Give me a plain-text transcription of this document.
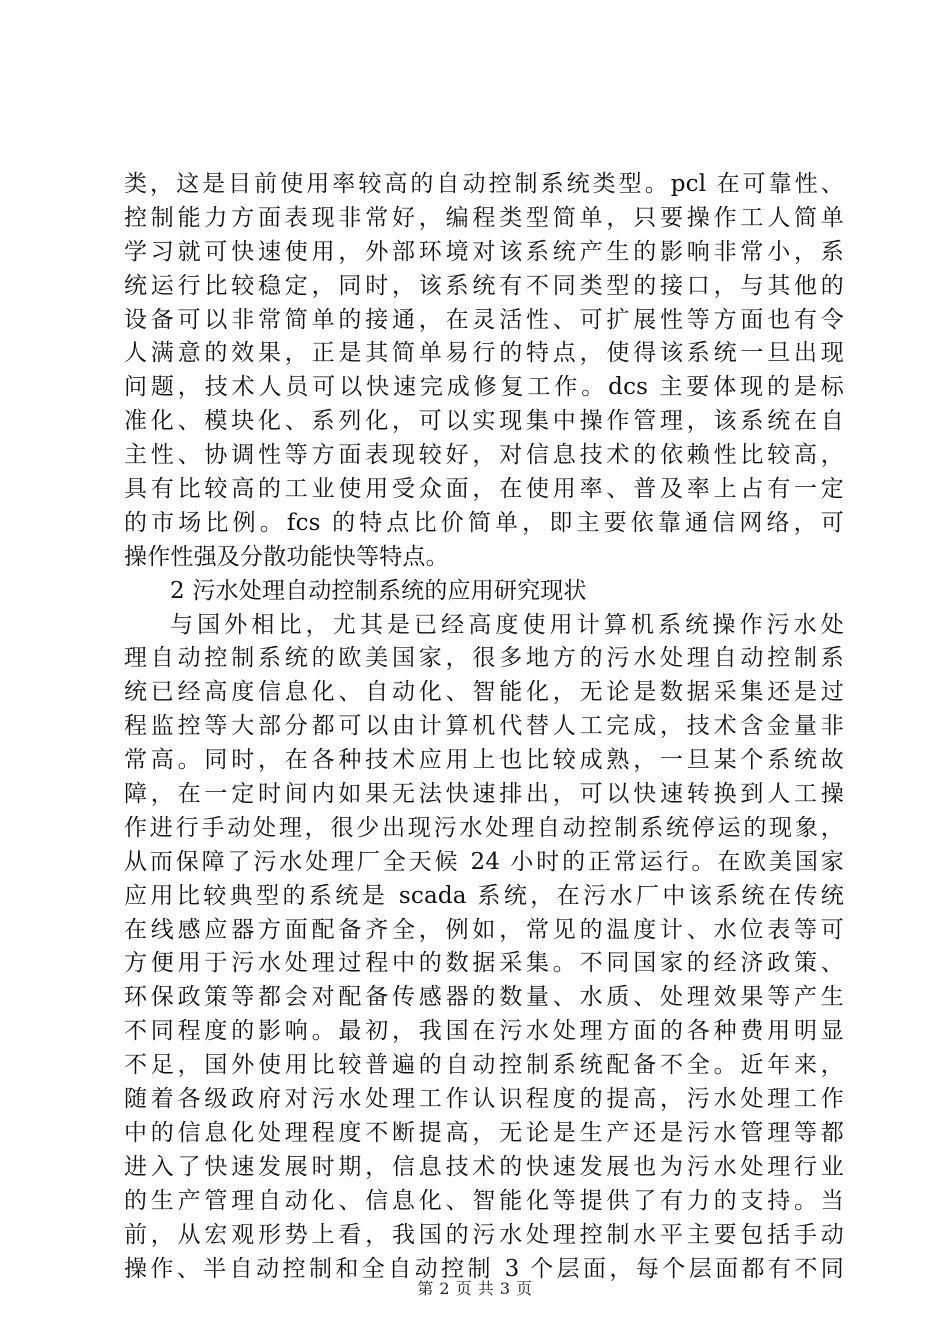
类，这是目前使用率较高的自动控制系统类型。pcl 在可靠性、
控制能力方面表现非常好，编程类型简单，只要操作工人简单
学习就可快速使用，外部环境对该系统产生的影响非常小，系
统运行比较稳定，同时，该系统有不同类型的接口，与其他的
设备可以非常简单的接通，在灵活性、可扩展性等方面也有令
人满意的效果，正是其简单易行的特点，使得该系统一旦出现
问题，技术人员可以快速完成修复工作。dcs 主要体现的是标
准化、模块化、系列化，可以实现集中操作管理，该系统在自
主性、协调性等方面表现较好，对信息技术的依赖性比较高，
具有比较高的工业使用受众面，在使用率、普及率上占有一定
的市场比例。fcs 的特点比价简单，即主要依靠通信网络，可
操作性强及分散功能快等特点。
2 污水处理自动控制系统的应用研究现状
与国外相比，尤其是已经高度使用计算机系统操作污水处
理自动控制系统的欧美国家，很多地方的污水处理自动控制系
统已经高度信息化、自动化、智能化，无论是数据采集还是过
程监控等大部分都可以由计算机代替人工完成，技术含金量非
常高。同时，在各种技术应用上也比较成熟，一旦某个系统故
障，在一定时间内如果无法快速排出，可以快速转换到人工操
作进行手动处理，很少出现污水处理自动控制系统停运的现象，
从而保障了污水处理厂全天候 24 小时的正常运行。在欧美国家
应用比较典型的系统是 scada 系统，在污水厂中该系统在传统
在线感应器方面配备齐全，例如，常见的温度计、水位表等可
方便用于污水处理过程中的数据采集。不同国家的经济政策、
环保政策等都会对配备传感器的数量、水质、处理效果等产生
不同程度的影响。最初，我国在污水处理方面的各种费用明显
不足，国外使用比较普遍的自动控制系统配备不全。近年来，
随着各级政府对污水处理工作认识程度的提高，污水处理工作
中的信息化处理程度不断提高，无论是生产还是污水管理等都
进入了快速发展时期，信息技术的快速发展也为污水处理行业
的生产管理自动化、信息化、智能化等提供了有力的支持。当
前，从宏观形势上看，我国的污水处理控制水平主要包括手动
操作、半自动控制和全自动控制 3 个层面，每个层面都有不同
第 2 页 共 3 页
